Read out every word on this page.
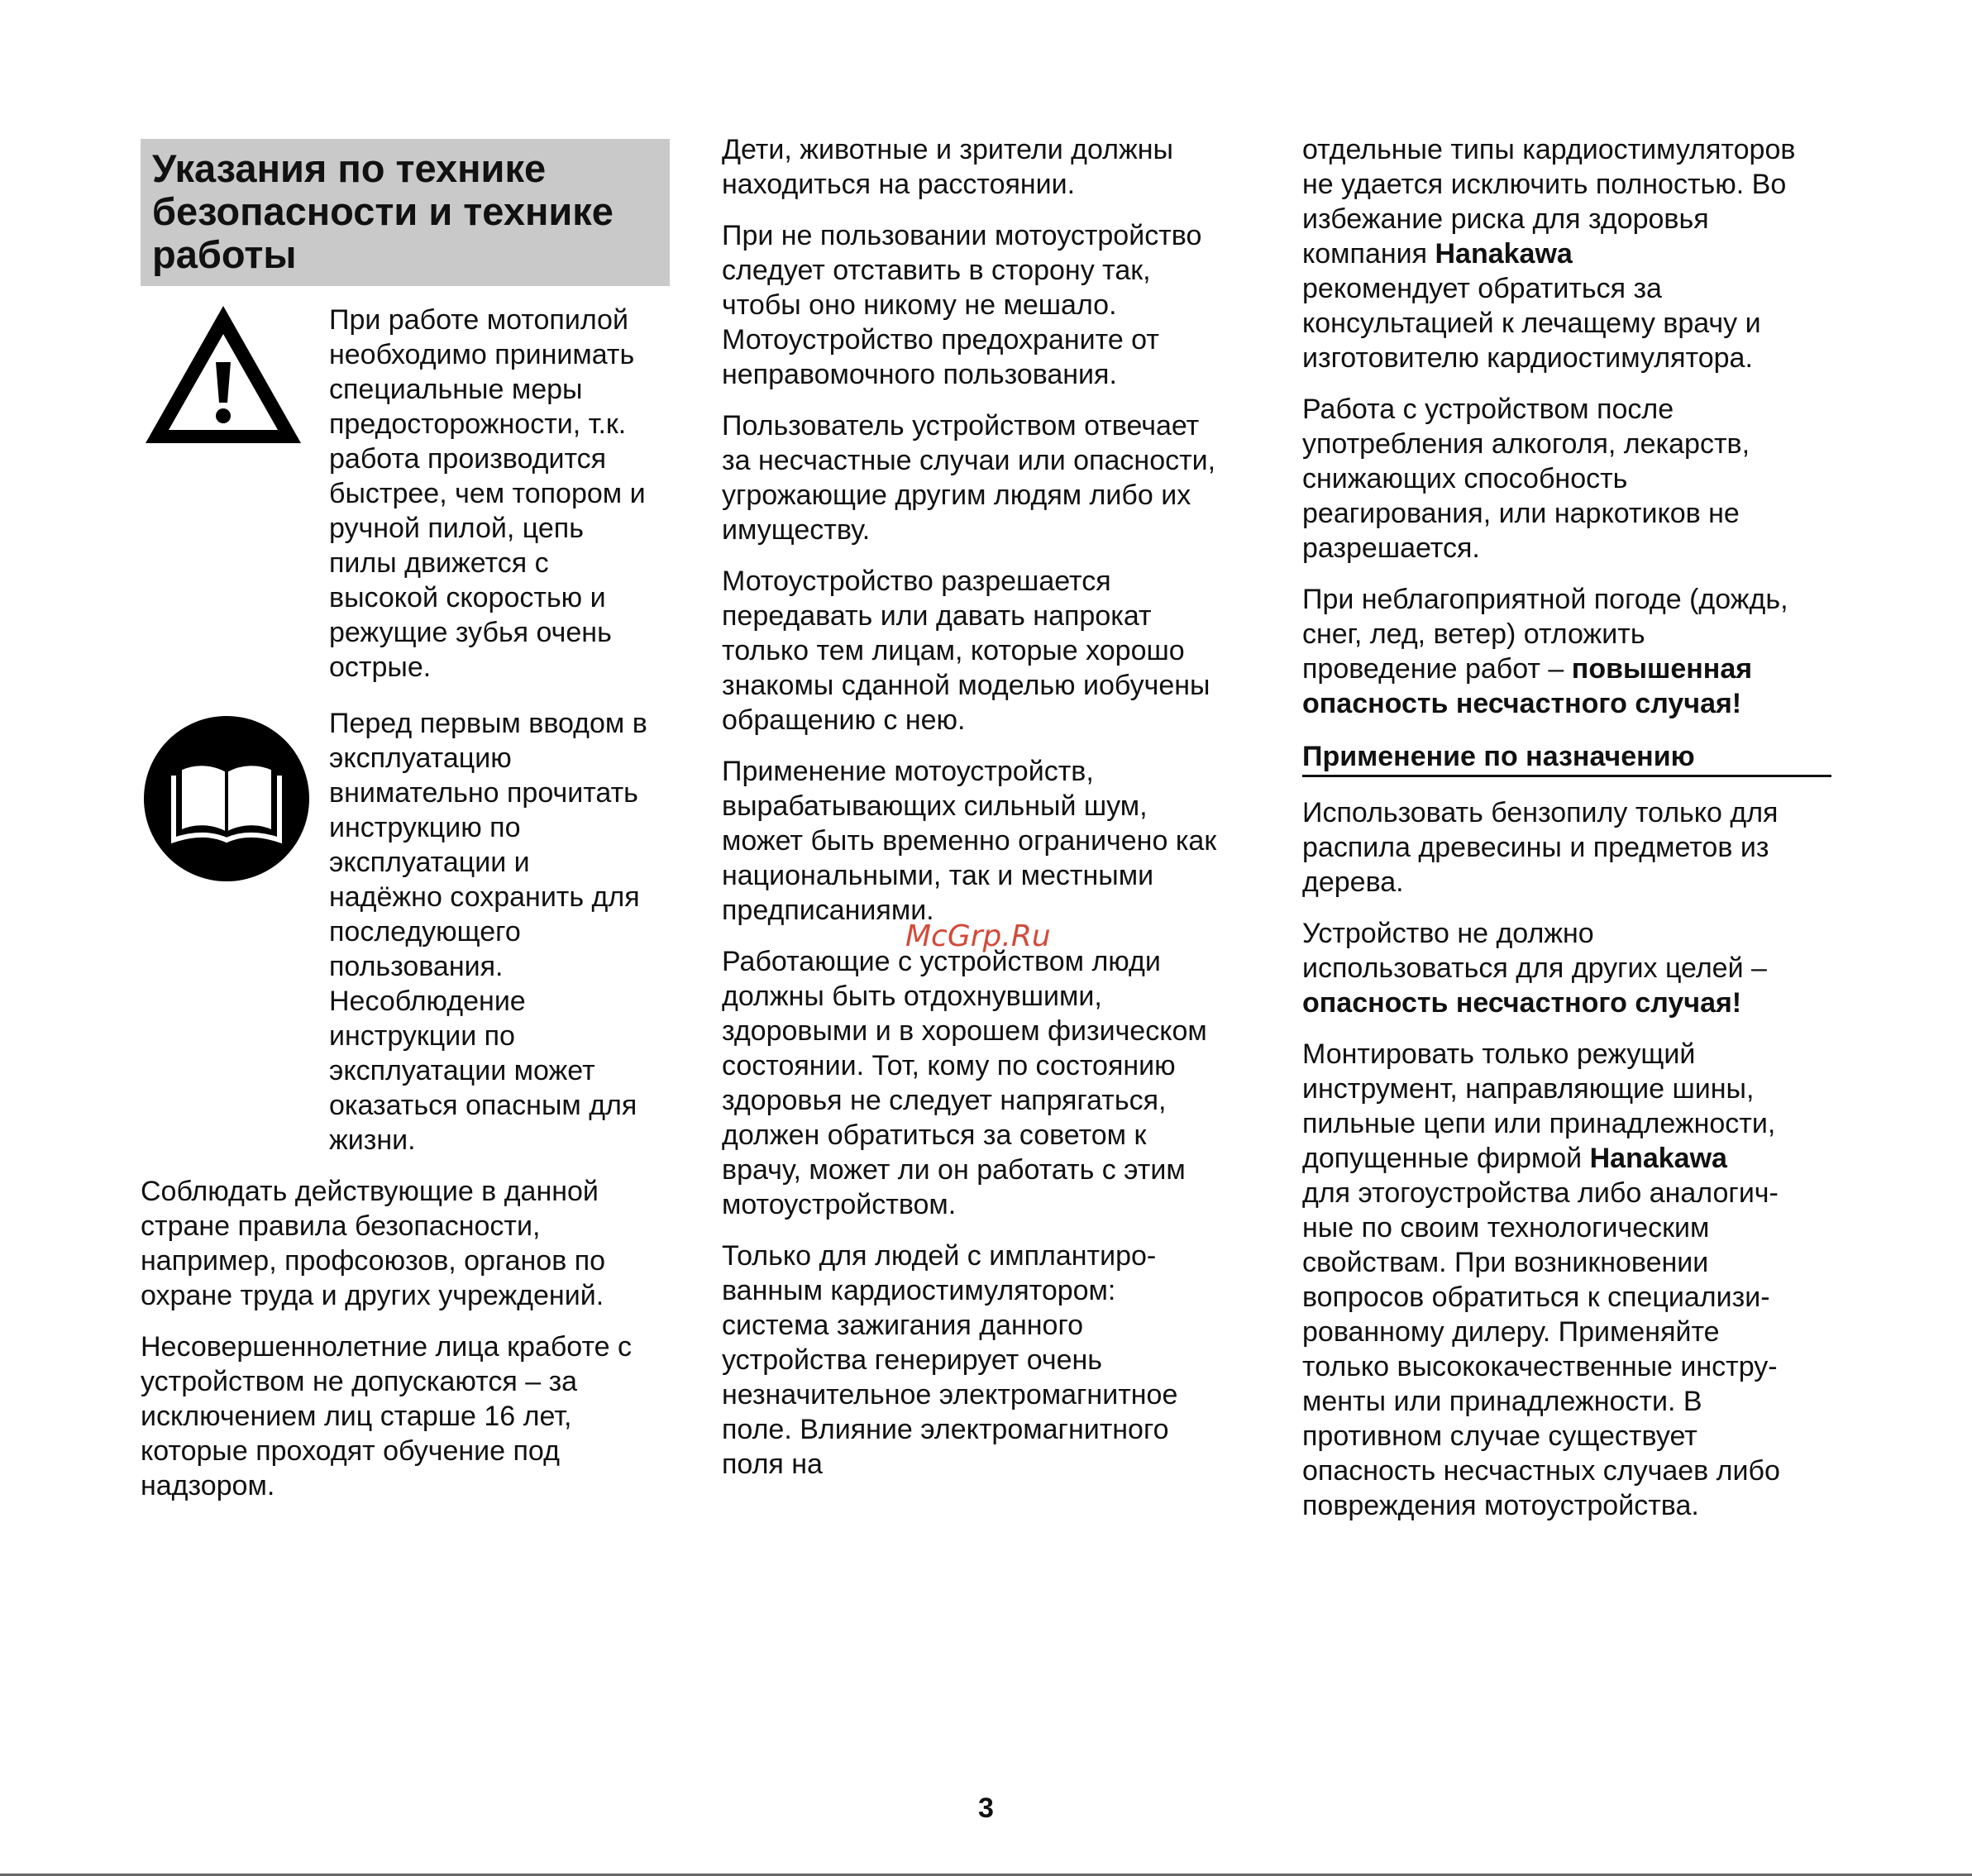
Указания по технике
безопасности и технике
работы

При работе мотопилой
необходимо принимать
специальные меры
предосторожности, т.к.
работа производится
быстрее, чем топором и
ручной пилой, цепь
пилы движется с
высокой скоростью и
режущие зубья очень
острые.

Перед первым вводом в
эксплуатацию
внимательно прочитать
инструкцию по
эксплуатации и
надёжно сохранить для
последующего
пользования.
Несоблюдение
инструкции по
эксплуатации может
оказаться опасным для
жизни.

Соблюдать действующие в данной
стране правила безопасности,
например, профсоюзов, органов по
охране труда и других учреждений.

Несовершеннолетние лица кработе с
устройством не допускаются – за
исключением лиц старше 16 лет,
которые проходят обучение под
надзором.

Дети, животные и зрители должны
находиться на расстоянии.

При не пользовании мотоустройство
следует отставить в сторону так,
чтобы оно никому не мешало.
Мотоустройство предохраните от
неправомочного пользования.

Пользователь устройством отвечает
за несчастные случаи или опасности,
угрожающие другим людям либо их
имуществу.

Мотоустройство разрешается
передавать или давать напрокат
только тем лицам, которые хорошо
знакомы сданной моделью иобучены
обращению с нею.

Применение мотоустройств,
вырабатывающих сильный шум,
может быть временно ограничено как
национальными, так и местными
предписаниями.

Работающие с устройством люди
должны быть отдохнувшими,
здоровыми и в хорошем физическом
состоянии. Тот, кому по состоянию
здоровья не следует напрягаться,
должен обратиться за советом к
врачу, может ли он работать с этим
мотоустройством.

Только для людей с имплантиро-
ванным кардиостимулятором:
система зажигания данного
устройства генерирует очень
незначительное электромагнитное
поле. Влияние электромагнитного
поля на

отдельные типы кардиостимуляторов
не удается исключить полностью. Во
избежание риска для здоровья
компания Hanakawa
рекомендует обратиться за
консультацией к лечащему врачу и
изготовителю кардиостимулятора.

Работа с устройством после
употребления алкоголя, лекарств,
снижающих способность
реагирования, или наркотиков не
разрешается.

При неблагоприятной погоде (дождь,
снег, лед, ветер) отложить
проведение работ – повышенная
опасность несчастного случая!

Применение по назначению

Использовать бензопилу только для
распила древесины и предметов из
дерева.

Устройство не должно
использоваться для других целей –
опасность несчастного случая!

Монтировать только режущий
инструмент, направляющие шины,
пильные цепи или принадлежности,
допущенные фирмой Hanakawa
для этогоустройства либо аналогич-
ные по своим технологическим
свойствам. При возникновении
вопросов обратиться к специализи-
рованному дилеру. Применяйте
только высококачественные инстру-
менты или принадлежности. В
противном случае существует
опасность несчастных случаев либо
повреждения мотоустройства.

McGrp.Ru
3
